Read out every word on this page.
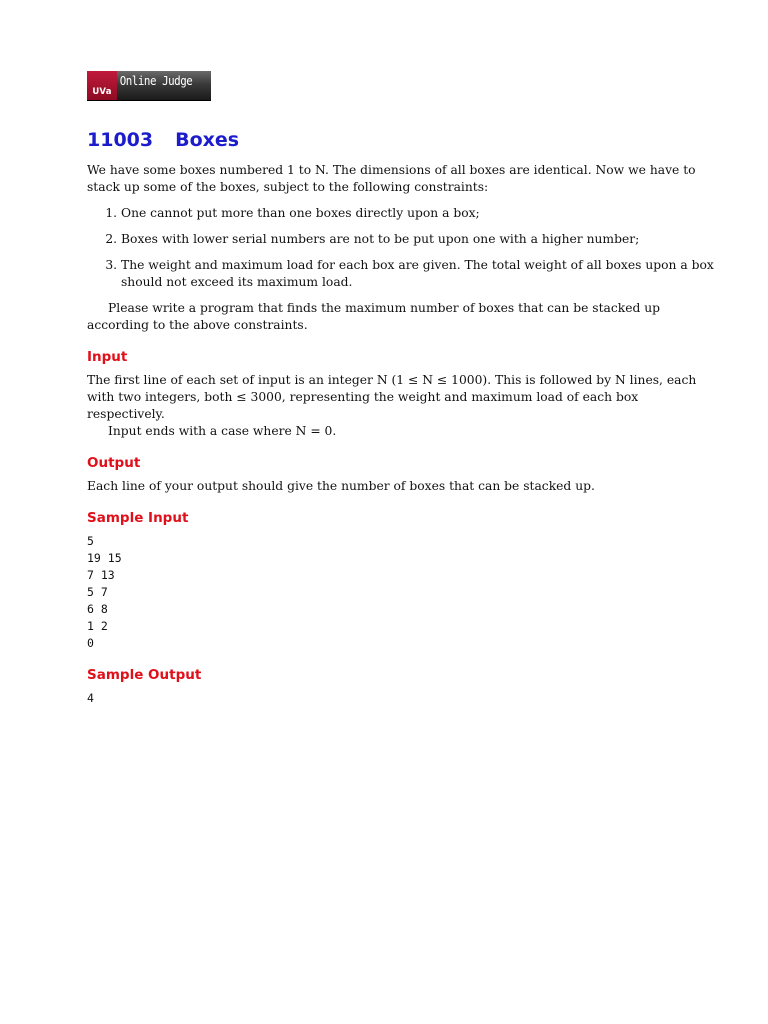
UVa
Online Judge
11003 Boxes

We have some boxes numbered 1 to N. The dimensions of all boxes are identical. Now we have to stack up some of the boxes, subject to the following constraints:

1. One cannot put more than one boxes directly upon a box;
2. Boxes with lower serial numbers are not to be put upon one with a higher number;
3. The weight and maximum load for each box are given. The total weight of all boxes upon a box should not exceed its maximum load.

Please write a program that finds the maximum number of boxes that can be stacked up according to the above constraints.

Input

The first line of each set of input is an integer N (1 ≤ N ≤ 1000). This is followed by N lines, each with two integers, both ≤ 3000, representing the weight and maximum load of each box respectively.

Input ends with a case where N = 0.

Output

Each line of your output should give the number of boxes that can be stacked up.

Sample Input
5
19 15
7 13
5 7
6 8
1 2
0
Sample Output
4
